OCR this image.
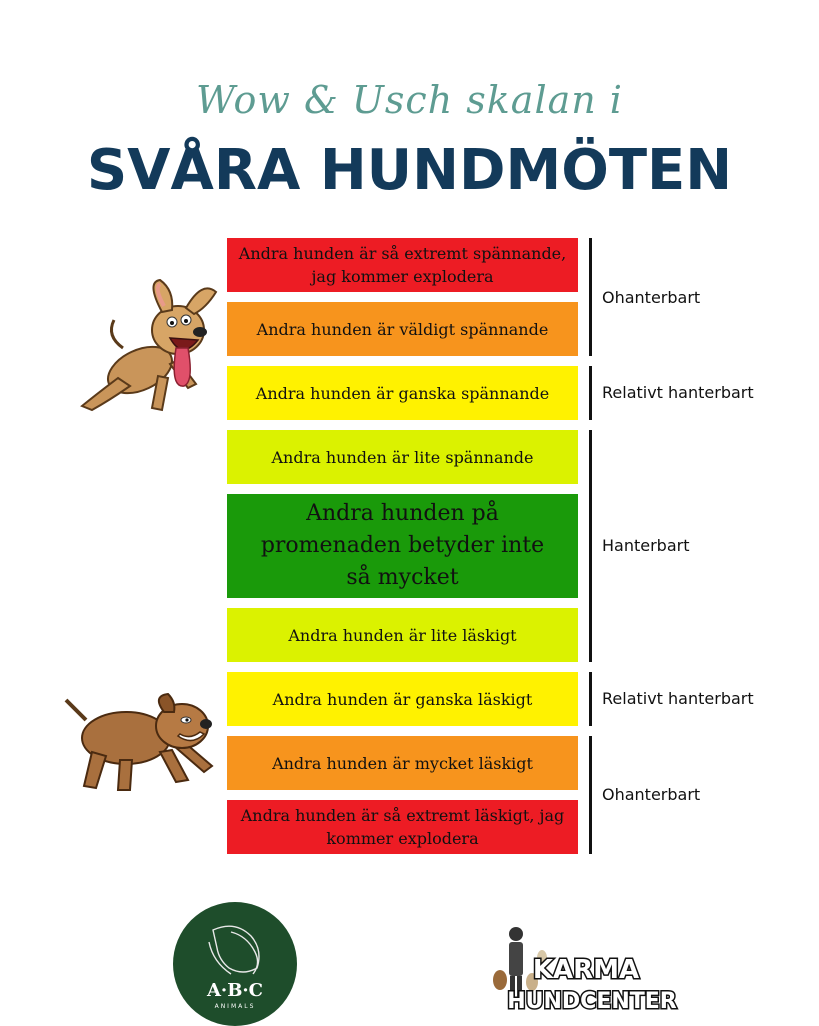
Wow & Usch skalan i
SVÅRA HUNDMÖTEN
Andra hunden är så extremt spännande, jag kommer explodera
Andra hunden är väldigt spännande
Andra hunden är ganska spännande
Andra hunden är lite spännande
Andra hunden på promenaden betyder inte så mycket
Andra hunden är lite läskigt
Andra hunden är ganska läskigt
Andra hunden är mycket läskigt
Andra hunden är så extremt läskigt, jag kommer explodera
Ohanterbart
Relativt hanterbart
Hanterbart
Relativt hanterbart
Ohanterbart
A·B·C
ANIMALS
KARMA
HUNDCENTER
